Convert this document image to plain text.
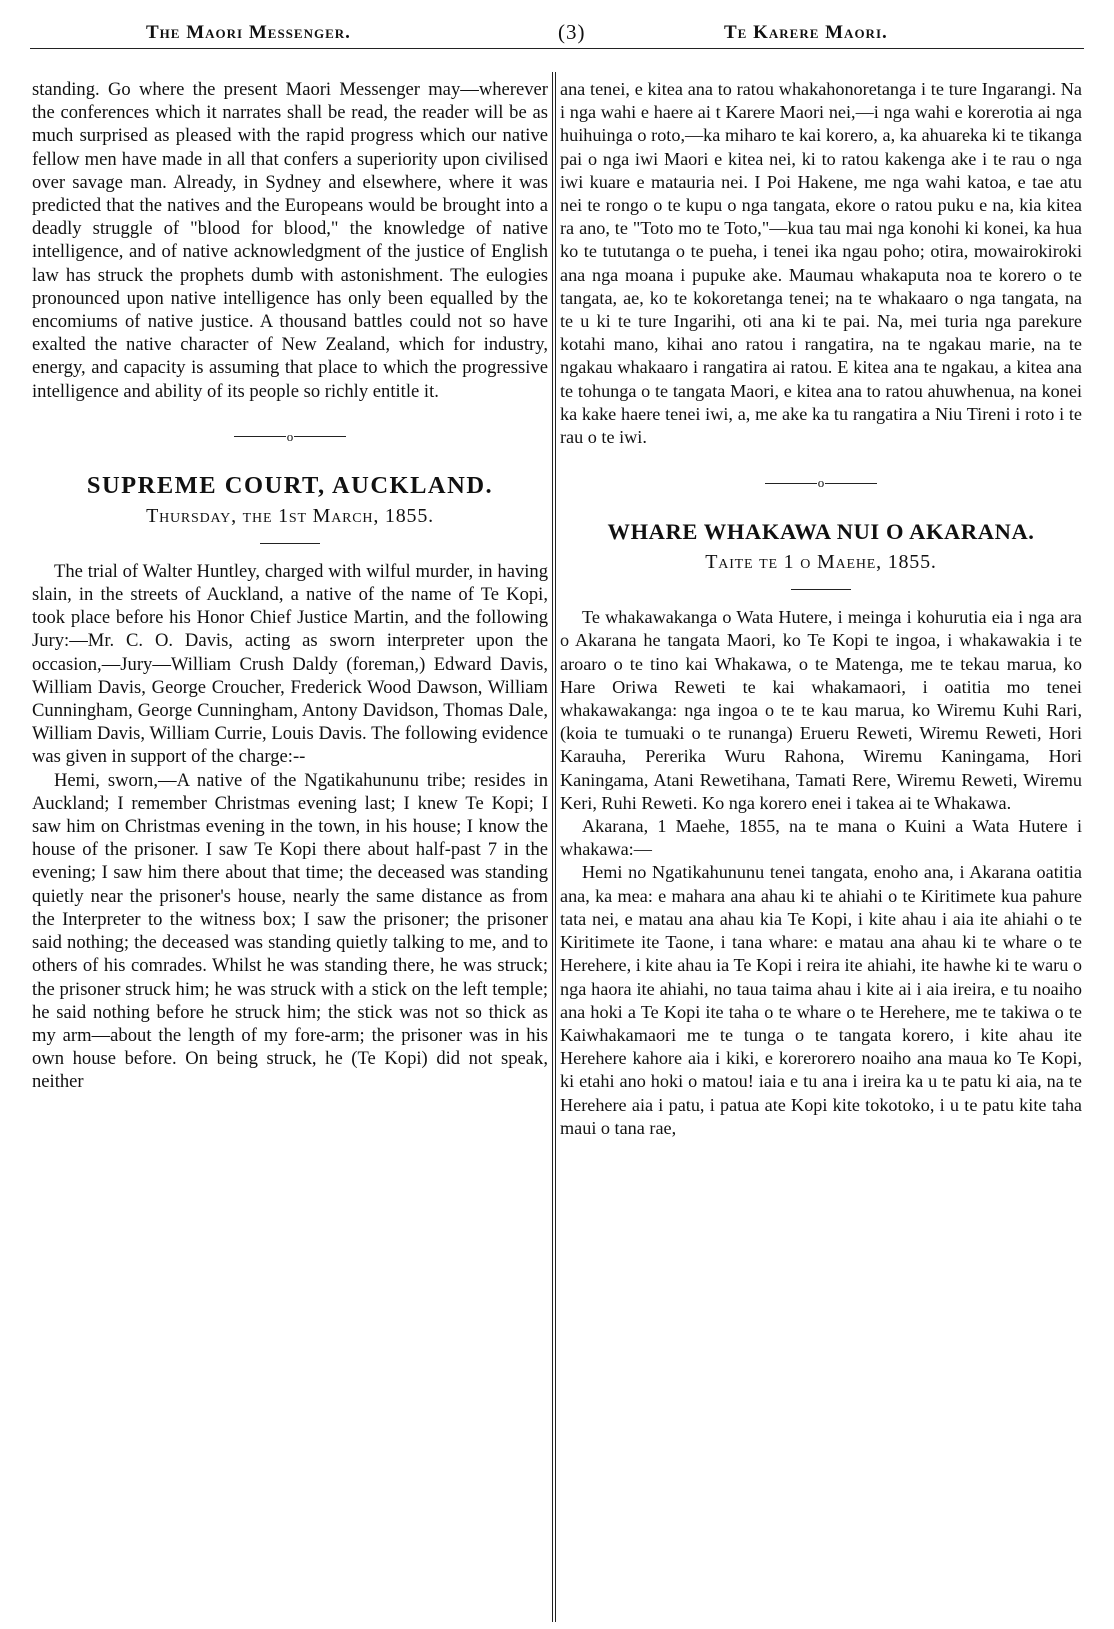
The Maori Messenger.	(3)	Te Karere Maori.

standing. Go where the present Maori Messenger may—wherever the conferences which it narrates shall be read, the reader will be as much surprised as pleased with the rapid progress which our native fellow men have made in all that confers a superiority upon civilised over savage man. Already, in Sydney and elsewhere, where it was predicted that the natives and the Europeans would be brought into a deadly struggle of "blood for blood," the knowledge of native intelligence, and of native acknowledgment of the justice of English law has struck the prophets dumb with astonishment. The eulogies pronounced upon native intelligence has only been equalled by the encomiums of native justice. A thousand battles could not so have exalted the native character of New Zealand, which for industry, energy, and capacity is assuming that place to which the progressive intelligence and ability of its people so richly entitle it.

o
SUPREME COURT, AUCKLAND.

Thursday, the 1st March, 1855.

The trial of Walter Huntley, charged with wilful murder, in having slain, in the streets of Auckland, a native of the name of Te Kopi, took place before his Honor Chief Justice Martin, and the following Jury:—Mr. C. O. Davis, acting as sworn interpreter upon the occasion,—Jury—William Crush Daldy (foreman,) Edward Davis, William Davis, George Croucher, Frederick Wood Dawson, William Cunningham, George Cunningham, Antony Davidson, Thomas Dale, William Davis, William Currie, Louis Davis. The following evidence was given in support of the charge:--

Hemi, sworn,—A native of the Ngatikahununu tribe; resides in Auckland; I remember Christmas evening last; I knew Te Kopi; I saw him on Christmas evening in the town, in his house; I know the house of the prisoner. I saw Te Kopi there about half-past 7 in the evening; I saw him there about that time; the deceased was standing quietly near the prisoner's house, nearly the same distance as from the Interpreter to the witness box; I saw the prisoner; the prisoner said nothing; the deceased was standing quietly talking to me, and to others of his comrades. Whilst he was standing there, he was struck; the prisoner struck him; he was struck with a stick on the left temple; he said nothing before he struck him; the stick was not so thick as my arm—about the length of my fore-arm; the prisoner was in his own house before. On being struck, he (Te Kopi) did not speak, neither

ana tenei, e kitea ana to ratou whakahonoretanga i te ture Ingarangi. Na i nga wahi e haere ai t Karere Maori nei,—i nga wahi e korerotia ai nga huihuinga o roto,—ka miharo te kai korero, a, ka ahuareka ki te tikanga pai o nga iwi Maori e kitea nei, ki to ratou kakenga ake i te rau o nga iwi kuare e matauria nei. I Poi Hakene, me nga wahi katoa, e tae atu nei te rongo o te kupu o nga tangata, ekore o ratou puku e na, kia kitea ra ano, te "Toto mo te Toto,"—kua tau mai nga konohi ki konei, ka hua ko te tututanga o te pueha, i tenei ika ngau poho; otira, mowairokiroki ana nga moana i pupuke ake. Maumau whakaputa noa te korero o te tangata, ae, ko te kokoretanga tenei; na te whakaaro o nga tangata, na te u ki te ture Ingarihi, oti ana ki te pai. Na, mei turia nga parekure kotahi mano, kihai ano ratou i rangatira, na te ngakau marie, na te ngakau whakaaro i rangatira ai ratou. E kitea ana te ngakau, a kitea ana te tohunga o te tangata Maori, e kitea ana to ratou ahuwhenua, na konei ka kake haere tenei iwi, a, me ake ka tu rangatira a Niu Tireni i roto i te rau o te iwi.

o
WHARE WHAKAWA NUI O AKARANA.

Taite te 1 o Maehe, 1855.

Te whakawakanga o Wata Hutere, i meinga i kohurutia eia i nga ara o Akarana he tangata Maori, ko Te Kopi te ingoa, i whakawakia i te aroaro o te tino kai Whakawa, o te Matenga, me te tekau marua, ko Hare Oriwa Reweti te kai whakamaori, i oatitia mo tenei whakawakanga: nga ingoa o te te kau marua, ko Wiremu Kuhi Rari, (koia te tumuaki o te runanga) Erueru Reweti, Wiremu Reweti, Hori Karauha, Pererika Wuru Rahona, Wiremu Kaningama, Hori Kaningama, Atani Rewetihana, Tamati Rere, Wiremu Reweti, Wiremu Keri, Ruhi Reweti. Ko nga korero enei i takea ai te Whakawa.

Akarana, 1 Maehe, 1855, na te mana o Kuini a Wata Hutere i whakawa:—

Hemi no Ngatikahununu tenei tangata, enoho ana, i Akarana oatitia ana, ka mea: e mahara ana ahau ki te ahiahi o te Kiritimete kua pahure tata nei, e matau ana ahau kia Te Kopi, i kite ahau i aia ite ahiahi o te Kiritimete ite Taone, i tana whare: e matau ana ahau ki te whare o te Herehere, i kite ahau ia Te Kopi i reira ite ahiahi, ite hawhe ki te waru o nga haora ite ahiahi, no taua taima ahau i kite ai i aia ireira, e tu noaiho ana hoki a Te Kopi ite taha o te whare o te Herehere, me te takiwa o te Kaiwhakamaori me te tunga o te tangata korero, i kite ahau ite Herehere kahore aia i kiki, e korerorero noaiho ana maua ko Te Kopi, ki etahi ano hoki o matou! iaia e tu ana i ireira ka u te patu ki aia, na te Herehere aia i patu, i patua ate Kopi kite tokotoko, i u te patu kite taha maui o tana rae,
